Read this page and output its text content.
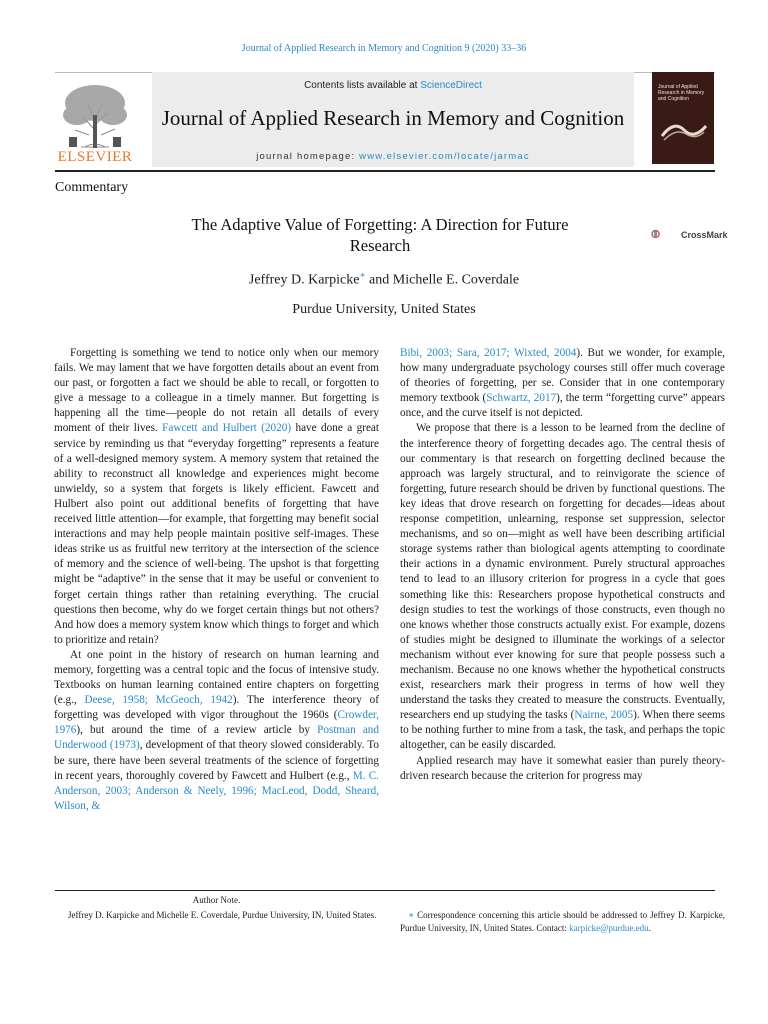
Journal of Applied Research in Memory and Cognition 9 (2020) 33–36
Contents lists available at ScienceDirect
Journal of Applied Research in Memory and Cognition
journal homepage: www.elsevier.com/locate/jarmac
ELSEVIER
Journal of Applied Research in Memory and Cognition
Commentary
The Adaptive Value of Forgetting: A Direction for Future Research
CrossMark
Jeffrey D. Karpicke∗ and Michelle E. Coverdale
Purdue University, United States

Forgetting is something we tend to notice only when our memory fails. We may lament that we have forgotten details about an event from our past, or forgotten a fact we should be able to recall, or forgotten to give a message to a colleague in a timely manner. But forgetting is happening all the time—people do not retain all details of every moment of their lives. Fawcett and Hulbert (2020) have done a great service by reminding us that “everyday forgetting” represents a feature of a well-designed memory system. A memory system that retained the ability to reconstruct all knowledge and experiences might become unwieldy, so a system that forgets is likely efficient. Fawcett and Hulbert also point out additional benefits of forgetting that have received little attention—for example, that forgetting may benefit social interactions and may help people maintain positive self-images. These ideas strike us as fruitful new territory at the intersection of the science of memory and the science of well-being. The upshot is that forgetting might be “adaptive” in the sense that it may be useful or convenient to forget certain things rather than retaining everything. The crucial questions then become, why do we forget certain things but not others? And how does a memory system know which things to forget and which to prioritize and retain?

At one point in the history of research on human learning and memory, forgetting was a central topic and the focus of intensive study. Textbooks on human learning contained entire chapters on forgetting (e.g., Deese, 1958; McGeoch, 1942). The interference theory of forgetting was developed with vigor throughout the 1960s (Crowder, 1976), but around the time of a review article by Postman and Underwood (1973), development of that theory slowed considerably. To be sure, there have been several treatments of the science of forgetting in recent years, thoroughly covered by Fawcett and Hulbert (e.g., M. C. Anderson, 2003; Anderson & Neely, 1996; MacLeod, Dodd, Sheard, Wilson, &

Bibi, 2003; Sara, 2017; Wixted, 2004). But we wonder, for example, how many undergraduate psychology courses still offer much coverage of theories of forgetting, per se. Consider that in one contemporary memory textbook (Schwartz, 2017), the term “forgetting curve” appears once, and the curve itself is not depicted.

We propose that there is a lesson to be learned from the decline of the interference theory of forgetting decades ago. The central thesis of our commentary is that research on forgetting declined because the approach was largely structural, and to reinvigorate the science of forgetting, future research should be driven by functional questions. The key ideas that drove research on forgetting for decades—ideas about response competition, unlearning, response set suppression, selector mechanisms, and so on—might as well have been describing artificial storage systems rather than biological agents attempting to coordinate their actions in a dynamic environment. Purely structural approaches tend to lead to an illusory criterion for progress in a cycle that goes something like this: Researchers propose hypothetical constructs and design studies to test the workings of those constructs, even though no one knows whether those constructs actually exist. For example, dozens of studies might be designed to illuminate the workings of a selector mechanism without ever knowing for sure that people possess such a mechanism. Because no one knows whether the hypothetical constructs exist, researchers mark their progress in terms of how well they understand the tasks they created to measure the constructs. Eventually, researchers end up studying the tasks (Nairne, 2005). When there seems to be nothing further to mine from a task, the task, and perhaps the topic altogether, can be easily discarded.

Applied research may have it somewhat easier than purely theory-driven research because the criterion for progress may

Author Note.
Jeffrey D. Karpicke and Michelle E. Coverdale, Purdue University, IN, United States.	∗ Correspondence concerning this article should be addressed to Jeffrey D. Karpicke, Purdue University, IN, United States. Contact: karpicke@purdue.edu.
